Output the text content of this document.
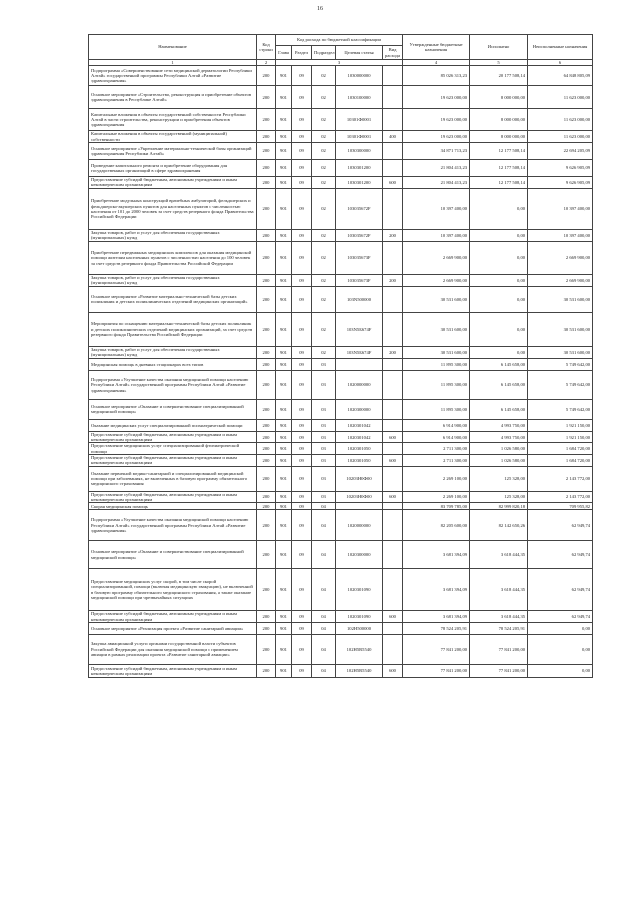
16
Наименование	Код строки	Код расхода по бюджетной классификации					Утвержденные бюджетные назначения	Исполнено	Неисполненные назначения
		Глава	Раздел	Подраздел	Целевая статья	Вид расхода			
1	2	3					4	5	6
Подпрограмма «Совершенствование сети медицинской дерматологии Республики Алтай» государственной программы Республики Алтай «Развитие здравоохранения»	200	901	09	02	1030000000		85 026 313,23	20 177 508,14	64 848 805,09
Основное мероприятие «Строительство, реконструкция и приобретение объектов здравоохранения в Республике Алтай»	200	901	09	02	1030100000		19 623 000,00	8 000 000,00	11 623 000,00
Капитальные вложения в объекты государственной собственности Республики Алтай в части строительства, реконструкции и приобретения объектов здравоохранения	200	901	09	02	10301Ф0001		19 623 000,00	8 000 000,00	11 623 000,00
Капитальные вложения в объекты государственной (муниципальной) собственности	200	901	09	02	10301Ф0001	400	19 623 000,00	8 000 000,00	11 623 000,00
Основное мероприятие «Укрепление материально-технической базы организаций здравоохранения Республики Алтай»	200	901	09	02	1030300000		34 871 713,23	12 177 508,14	22 694 205,09
Проведение капитального ремонта и приобретение оборудования для государственных организаций в сфере здравоохранения	200	901	09	02	1030301200		21 804 413,23	12 177 508,14	9 626 905,09
Предоставление субсидий бюджетным, автономным учреждениям и иным некоммерческим организациям	200	901	09	02	1030301200	600	21 804 413,23	12 177 508,14	9 626 905,09
Приобретение модульных конструкций врачебных амбулаторий, фельдшерских и фельдшерско-акушерских пунктов для населенных пунктов с численностью населения от 101 до 2000 человек за счет средств резервного фонда Правительства Российской Федерации	200	901	09	02	103035672F		10 397 400,00	0,00	10 397 400,00
Закупка товаров, работ и услуг для обеспечения государственных (муниципальных) нужд	200	901	09	02	103035672F	200	10 397 400,00	0,00	10 397 400,00
Приобретение передвижных медицинских комплексов для оказания медицинской помощи жителям населенных пунктов с численностью населения до 100 человек за счет средств резервного фонда Правительства Российской Федерации	200	901	09	02	103035673F		2 669 900,00	0,00	2 669 900,00
Закупка товаров, работ и услуг для обеспечения государственных (муниципальных) нужд	200	901	09	02	103035673F	200	2 669 900,00	0,00	2 669 900,00
Основное мероприятие «Развитие материально-технической базы детских поликлиник и детских поликлинических отделений медицинских организаций»	200	901	09	02	103N500000		30 531 600,00	0,00	30 531 600,00
Мероприятия по оснащению материально-технической базы детских поликлиник и детских поликлинических отделений медицинских организаций, за счет средств резервного фонда Правительства Российской Федерации	200	901	09	02	103N5Б674F		30 531 600,00	0,00	30 531 600,00
Закупка товаров, работ и услуг для обеспечения государственных (муниципальных) нужд	200	901	09	02	103N5Б674F	200	30 531 600,00	0,00	30 531 600,00
Медицинская помощь в дневных стационарах всех типов	200	901	09	03			11 895 300,00	6 145 658,00	5 749 642,00
Подпрограмма «Улучшение качества оказания медицинской помощи населению Республики Алтай» государственной программы Республики Алтай «Развитие здравоохранения»	200	901	09	03	1020000000		11 895 300,00	6 145 658,00	5 749 642,00
Основное мероприятие «Оказание и совершенствование специализированной медицинской помощи»	200	901	09	03	1020300000		11 895 300,00	6 145 658,00	5 749 642,00
Оказание медицинских услуг специализированной психиатрической помощи	200	901	09	03	1020301042		6 914 900,00	4 993 750,00	1 921 150,00
Предоставление субсидий бюджетным, автономным учреждениям и иным некоммерческим организациям	200	901	09	03	1020301042	600	6 914 900,00	4 993 750,00	1 921 150,00
Предоставление медицинских услуг специализированной фтизиатрической помощи	200	901	09	03	1020301050		2 711 300,00	1 026 580,00	1 684 720,00
Предоставление субсидий бюджетным, автономным учреждениям и иным некоммерческим организациям	200	901	09	03	1020301050	600	2 711 300,00	1 026 580,00	1 684 720,00
Оказание первичной медико-санитарной и специализированной медицинской помощи при заболеваниях, не включенных в базовую программу обязательного медицинского страхования	200	901	09	03	10203Н0Ф00		2 269 100,00	125 328,00	2 143 772,00
Предоставление субсидий бюджетным, автономным учреждениям и иным некоммерческим организациям	200	901	09	03	10203Н0Ф00	600	2 269 100,00	125 328,00	2 143 772,00
Скорая медицинская помощь	200	901	09	04			83 709 785,00	82 999 820,18	709 955,82
Подпрограмма «Улучшение качества оказания медицинской помощи населению Республики Алтай» государственной программы Республики Алтай «Развитие здравоохранения»	200	901	09	04	1020000000		82 205 600,00	82 142 650,26	62 949,74
Основное мероприятие «Оказание и совершенствование специализированной медицинской помощи»	200	901	09	04	1020300000		3 681 394,09	3 618 444,35	62 949,74
Предоставление медицинских услуг скорой, в том числе скорой специализированной, помощи (включая медицинскую эвакуацию), не включенной в базовую программу обязательного медицинского страхования, а также оказание медицинской помощи при чрезвычайных ситуациях	200	901	09	04	1020301090		3 681 394,09	3 618 444,35	62 949,74
Предоставление субсидий бюджетным, автономным учреждениям и иным некоммерческим организациям	200	901	09	04	1020301090	600	3 681 394,09	3 618 444,35	62 949,74
Основное мероприятие «Реализация проекта «Развитие санитарной авиации»	200	901	09	04	102Н500000		78 524 205,91	78 524 205,91	0,00
Закупка авиационной услуги органами государственной власти субъектов Российской Федерации для оказания медицинской помощи с применением авиации в рамках реализации проекта «Развитие санитарной авиации»	200	901	09	04	102Н5R5540		77 841 200,00	77 841 200,00	0,00
Предоставление субсидий бюджетным, автономным учреждениям и иным некоммерческим организациям	200	901	09	04	102Н5R5540	600	77 841 200,00	77 841 200,00	0,00
